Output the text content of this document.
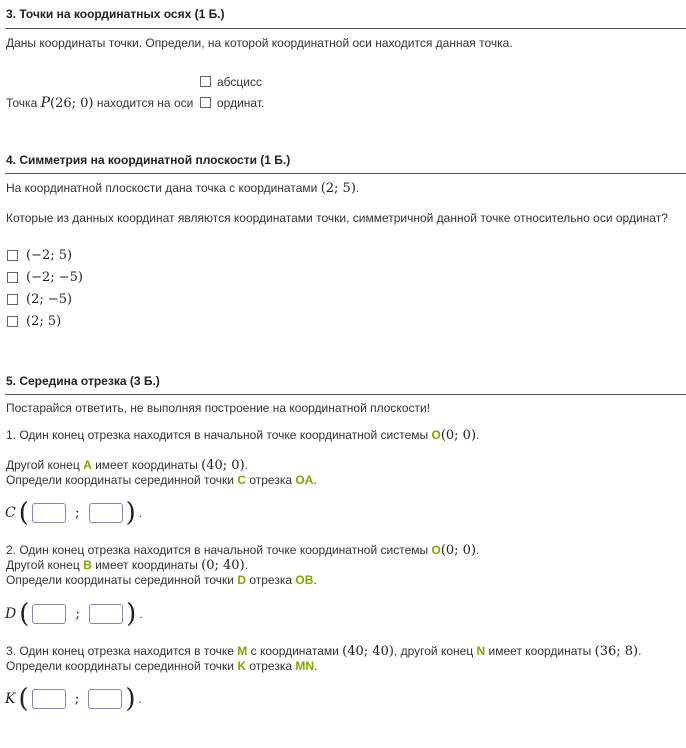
3. Точки на координатных осях (1 Б.)
Даны координаты точки. Определи, на которой координатной оси находится данная точка.
абсцисс
Точка P(26; 0) находится на оси ординат.
4. Симметрия на координатной плоскости (1 Б.)
На координатной плоскости дана точка с координатами (2; 5).
Которые из данных координат являются координатами точки, симметричной данной точке относительно оси ординат?
(−2; 5)
(−2; −5)
(2; −5)
(2; 5)
5. Середина отрезка (3 Б.)
Постарайся ответить, не выполняя построение на координатной плоскости!
1. Один конец отрезка находится в начальной точке координатной системы O(0; 0).
Другой конец A имеет координаты (40; 0).
Определи координаты серединной точки C отрезка OA.
C (	; ) .
2. Один конец отрезка находится в начальной точке координатной системы O(0; 0).
Другой конец B имеет координаты (0; 40).
Определи координаты серединной точки D отрезка OB.
D (	; ) .
3. Один конец отрезка находится в точке M с координатами (40; 40), другой конец N имеет координаты (36; 8).
Определи координаты серединной точки K отрезка MN.
K (	; ) .
